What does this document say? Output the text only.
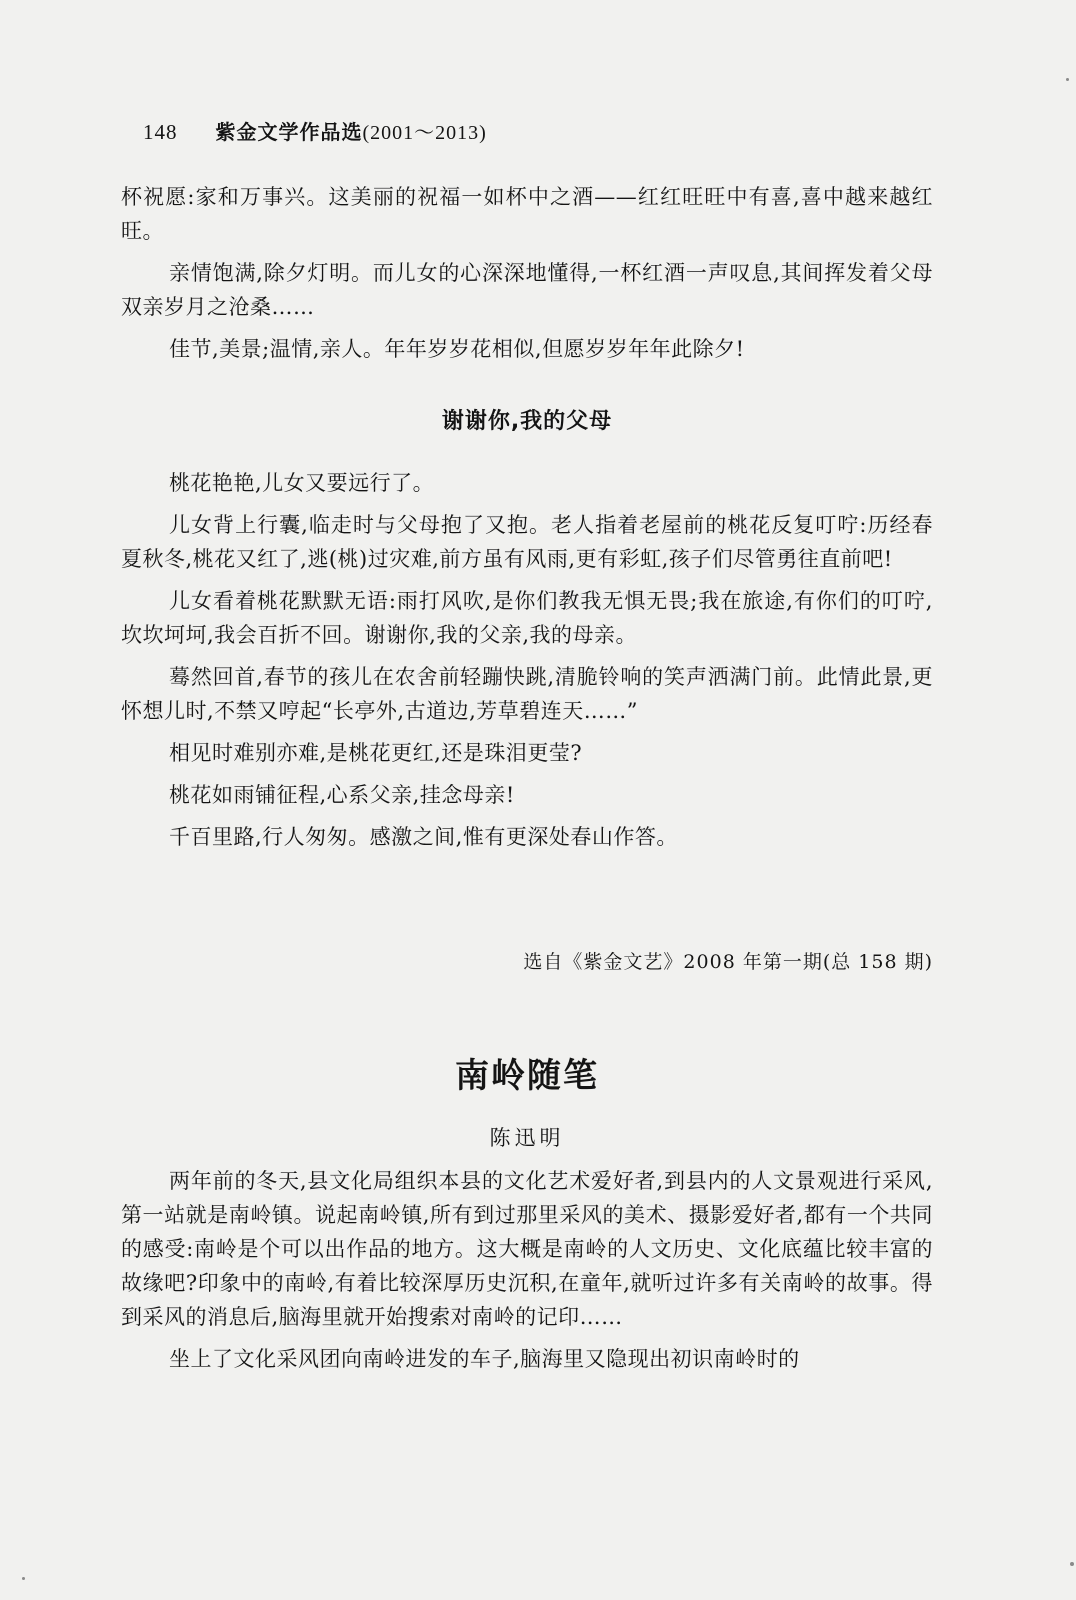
148 紫金文学作品选(2001～2013)

杯祝愿:家和万事兴。这美丽的祝福一如杯中之酒——红红旺旺中有喜,喜中越来越红旺。

亲情饱满,除夕灯明。而儿女的心深深地懂得,一杯红酒一声叹息,其间挥发着父母双亲岁月之沧桑……

佳节,美景;温情,亲人。年年岁岁花相似,但愿岁岁年年此除夕!

谢谢你,我的父母

桃花艳艳,儿女又要远行了。

儿女背上行囊,临走时与父母抱了又抱。老人指着老屋前的桃花反复叮咛:历经春夏秋冬,桃花又红了,逃(桃)过灾难,前方虽有风雨,更有彩虹,孩子们尽管勇往直前吧!

儿女看着桃花默默无语:雨打风吹,是你们教我无惧无畏;我在旅途,有你们的叮咛,坎坎坷坷,我会百折不回。谢谢你,我的父亲,我的母亲。

蓦然回首,春节的孩儿在农舍前轻蹦快跳,清脆铃响的笑声洒满门前。此情此景,更怀想儿时,不禁又哼起“长亭外,古道边,芳草碧连天……”

相见时难别亦难,是桃花更红,还是珠泪更莹?

桃花如雨铺征程,心系父亲,挂念母亲!

千百里路,行人匆匆。感激之间,惟有更深处春山作答。

选自《紫金文艺》2008 年第一期(总 158 期)
南岭随笔
陈迅明

两年前的冬天,县文化局组织本县的文化艺术爱好者,到县内的人文景观进行采风,第一站就是南岭镇。说起南岭镇,所有到过那里采风的美术、摄影爱好者,都有一个共同的感受:南岭是个可以出作品的地方。这大概是南岭的人文历史、文化底蕴比较丰富的故缘吧?印象中的南岭,有着比较深厚历史沉积,在童年,就听过许多有关南岭的故事。得到采风的消息后,脑海里就开始搜索对南岭的记印……

坐上了文化采风团向南岭进发的车子,脑海里又隐现出初识南岭时的
